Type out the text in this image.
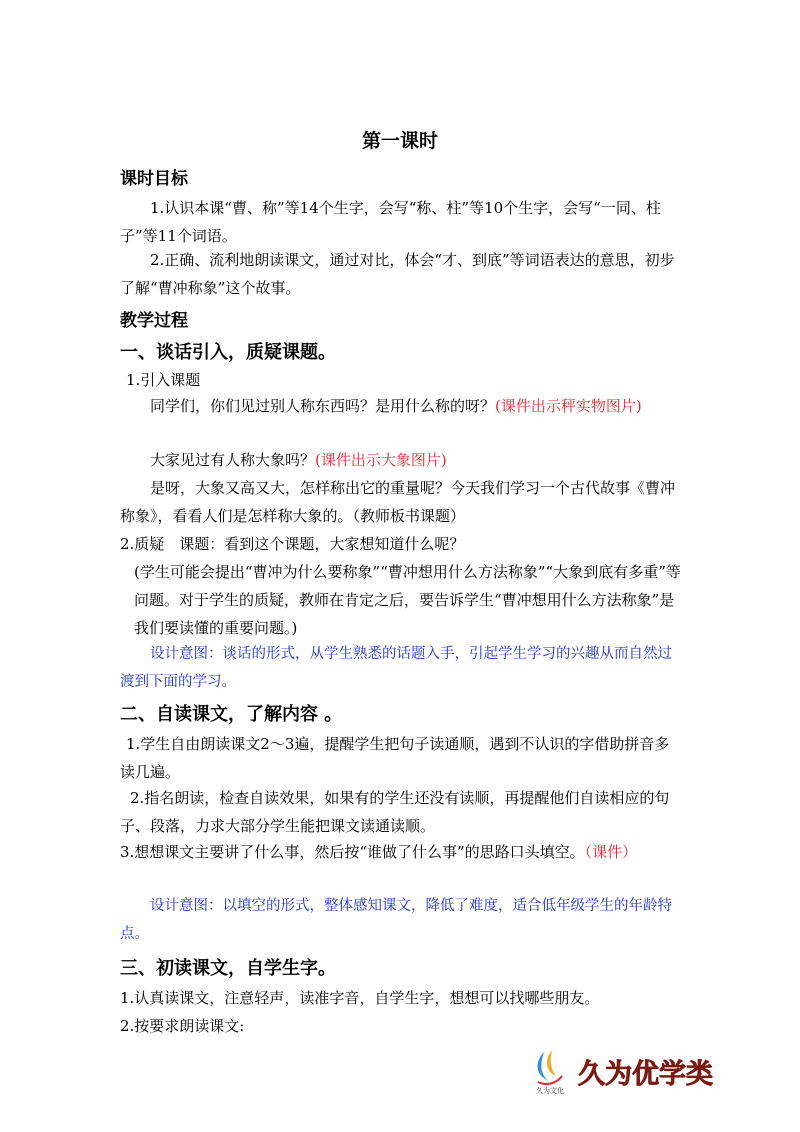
第一课时
课时目标
1.认识本课“曹、称”等14个生字，会写“称、柱”等10个生字，会写“一同、柱子”等11个词语。
2.正确、流利地朗读课文，通过对比，体会“才、到底”等词语表达的意思，初步了解“曹冲称象”这个故事。
教学过程
一、谈话引入，质疑课题。
1.引入课题
同学们，你们见过别人称东西吗？是用什么称的呀？(课件出示秤实物图片)
大家见过有人称大象吗？(课件出示大象图片)
是呀，大象又高又大，怎样称出它的重量呢？今天我们学习一个古代故事《曹冲称象》，看看人们是怎样称大象的。（教师板书课题）
2.质疑　课题：看到这个课题，大家想知道什么呢？
(学生可能会提出“曹冲为什么要称象”“曹冲想用什么方法称象”“大象到底有多重”等问题。对于学生的质疑，教师在肯定之后，要告诉学生“曹冲想用什么方法称象”是我们要读懂的重要问题。)
设计意图：谈话的形式，从学生熟悉的话题入手，引起学生学习的兴趣从而自然过渡到下面的学习。
二、自读课文，了解内容 。
1.学生自由朗读课文2～3遍，提醒学生把句子读通顺，遇到不认识的字借助拼音多读几遍。
2.指名朗读，检查自读效果，如果有的学生还没有读顺，再提醒他们自读相应的句子、段落，力求大部分学生能把课文读通读顺。
3.想想课文主要讲了什么事，然后按“谁做了什么事”的思路口头填空。（课件）
设计意图：以填空的形式，整体感知课文，降低了难度，适合低年级学生的年龄特点。
三、初读课文，自学生字。
1.认真读课文，注意轻声，读准字音，自学生字，想想可以找哪些朋友。
2.按要求朗读课文:
久为文化
久为优学类
